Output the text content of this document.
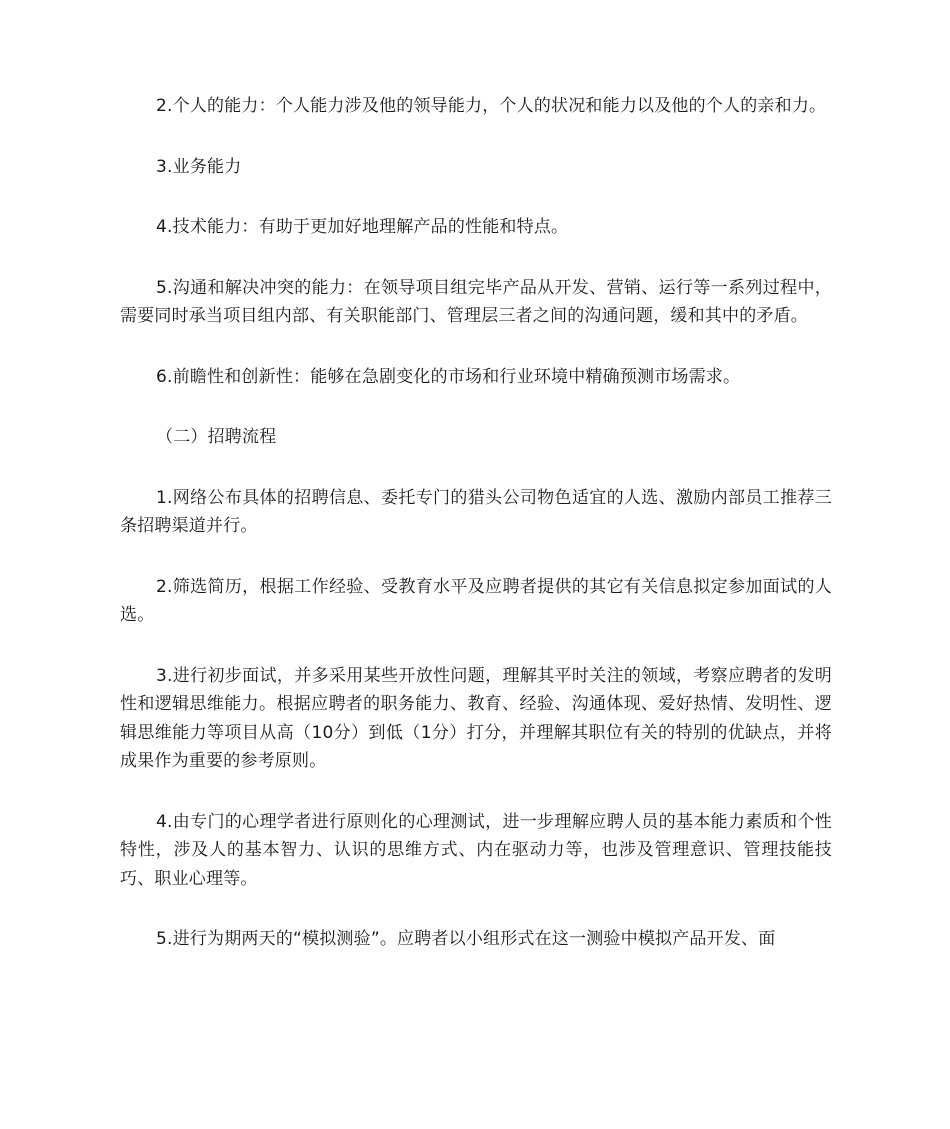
2.个人的能力：个人能力涉及他的领导能力，个人的状况和能力以及他的个人的亲和力。

3.业务能力

4.技术能力：有助于更加好地理解产品的性能和特点。

5.沟通和解决冲突的能力：在领导项目组完毕产品从开发、营销、运行等一系列过程中，需要同时承当项目组内部、有关职能部门、管理层三者之间的沟通问题，缓和其中的矛盾。

6.前瞻性和创新性：能够在急剧变化的市场和行业环境中精确预测市场需求。

（二）招聘流程

1.网络公布具体的招聘信息、委托专门的猎头公司物色适宜的人选、激励内部员工推荐三条招聘渠道并行。

2.筛选简历，根据工作经验、受教育水平及应聘者提供的其它有关信息拟定参加面试的人选。

3.进行初步面试，并多采用某些开放性问题，理解其平时关注的领域，考察应聘者的发明性和逻辑思维能力。根据应聘者的职务能力、教育、经验、沟通体现、爱好热情、发明性、逻辑思维能力等项目从高（10分）到低（1分）打分，并理解其职位有关的特别的优缺点，并将成果作为重要的参考原则。

4.由专门的心理学者进行原则化的心理测试，进一步理解应聘人员的基本能力素质和个性特性，涉及人的基本智力、认识的思维方式、内在驱动力等，也涉及管理意识、管理技能技巧、职业心理等。

5.进行为期两天的“模拟测验”。应聘者以小组形式在这一测验中模拟产品开发、面
